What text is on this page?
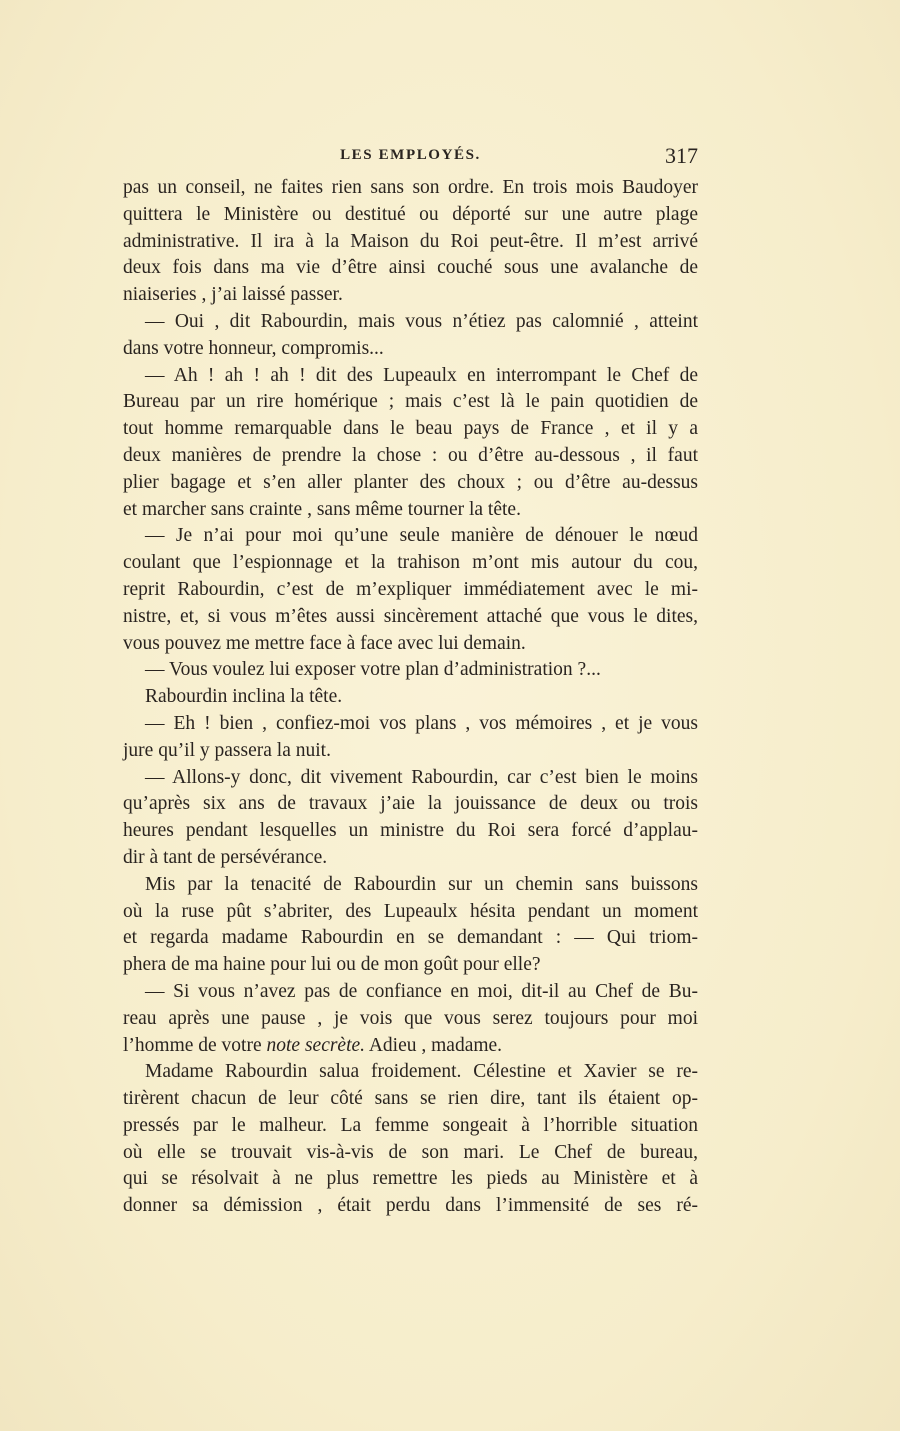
LES EMPLOYÉS.	317
pas un conseil, ne faites rien sans son ordre. En trois mois Baudoyer
quittera le Ministère ou destitué ou déporté sur une autre plage
administrative. Il ira à la Maison du Roi peut-être. Il m’est arrivé
deux fois dans ma vie d’être ainsi couché sous une avalanche de
niaiseries , j’ai laissé passer.
— Oui , dit Rabourdin, mais vous n’étiez pas calomnié , atteint
dans votre honneur, compromis...
— Ah ! ah ! ah ! dit des Lupeaulx en interrompant le Chef de
Bureau par un rire homérique ; mais c’est là le pain quotidien de
tout homme remarquable dans le beau pays de France , et il y a
deux manières de prendre la chose : ou d’être au-dessous , il faut
plier bagage et s’en aller planter des choux ; ou d’être au-dessus
et marcher sans crainte , sans même tourner la tête.
— Je n’ai pour moi qu’une seule manière de dénouer le nœud
coulant que l’espionnage et la trahison m’ont mis autour du cou,
reprit Rabourdin, c’est de m’expliquer immédiatement avec le mi-
nistre, et, si vous m’êtes aussi sincèrement attaché que vous le dites,
vous pouvez me mettre face à face avec lui demain.
— Vous voulez lui exposer votre plan d’administration ?...
Rabourdin inclina la tête.
— Eh ! bien , confiez-moi vos plans , vos mémoires , et je vous
jure qu’il y passera la nuit.
— Allons-y donc, dit vivement Rabourdin, car c’est bien le moins
qu’après six ans de travaux j’aie la jouissance de deux ou trois
heures pendant lesquelles un ministre du Roi sera forcé d’applau-
dir à tant de persévérance.
Mis par la tenacité de Rabourdin sur un chemin sans buissons
où la ruse pût s’abriter, des Lupeaulx hésita pendant un moment
et regarda madame Rabourdin en se demandant : — Qui triom-
phera de ma haine pour lui ou de mon goût pour elle?
— Si vous n’avez pas de confiance en moi, dit-il au Chef de Bu-
reau après une pause , je vois que vous serez toujours pour moi
l’homme de votre note secrète. Adieu , madame.
Madame Rabourdin salua froidement. Célestine et Xavier se re-
tirèrent chacun de leur côté sans se rien dire, tant ils étaient op-
pressés par le malheur. La femme songeait à l’horrible situation
où elle se trouvait vis-à-vis de son mari. Le Chef de bureau,
qui se résolvait à ne plus remettre les pieds au Ministère et à
donner sa démission , était perdu dans l’immensité de ses ré-
